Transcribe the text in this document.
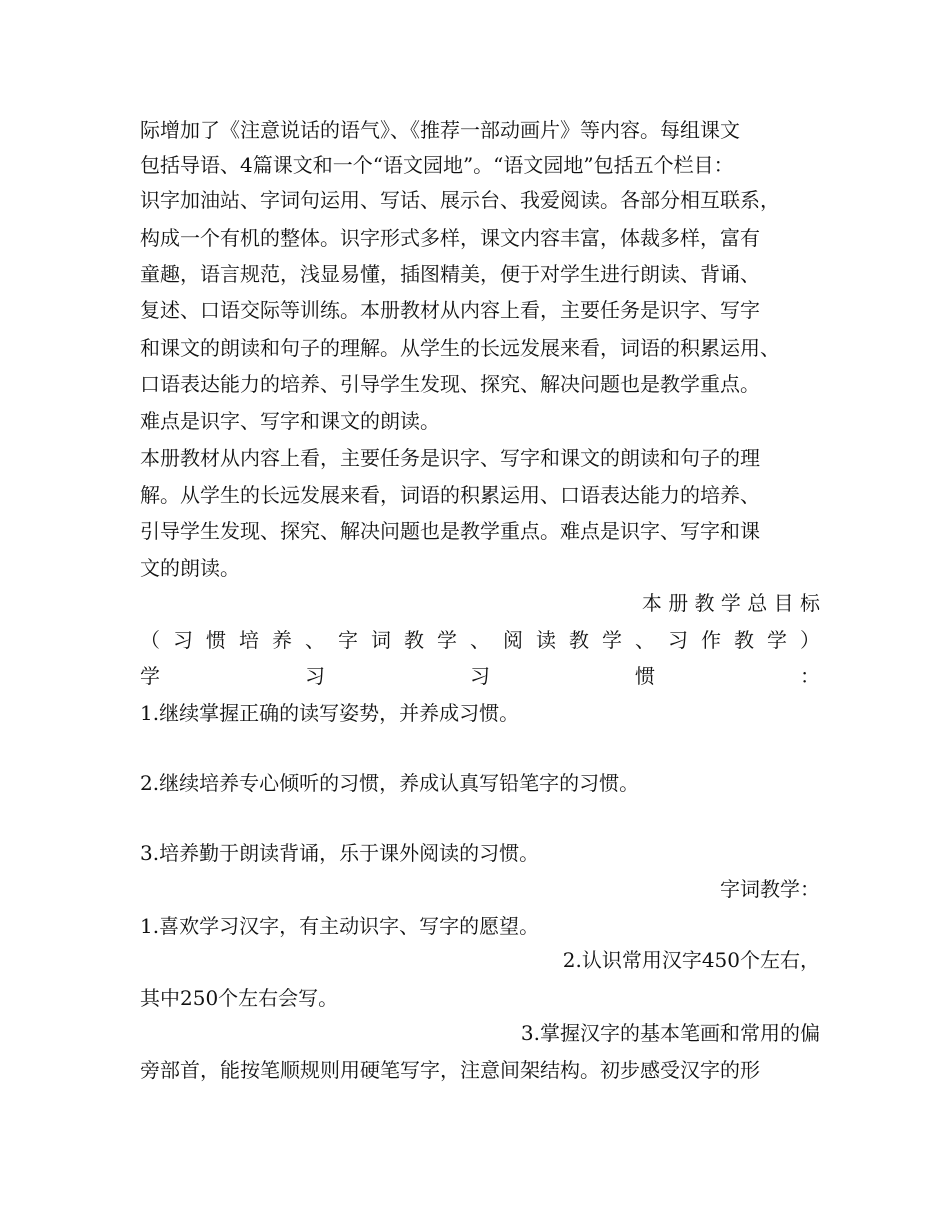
际增加了《注意说话的语气》、《推荐一部动画片》等内容。每组课文
包括导语、4篇课文和一个“语文园地”。“语文园地”包括五个栏目：
识字加油站、字词句运用、写话、展示台、我爱阅读。各部分相互联系，
构成一个有机的整体。识字形式多样，课文内容丰富，体裁多样，富有
童趣，语言规范，浅显易懂，插图精美，便于对学生进行朗读、背诵、
复述、口语交际等训练。本册教材从内容上看，主要任务是识字、写字
和课文的朗读和句子的理解。从学生的长远发展来看，词语的积累运用、
口语表达能力的培养、引导学生发现、探究、解决问题也是教学重点。
难点是识字、写字和课文的朗读。
本册教材从内容上看，主要任务是识字、写字和课文的朗读和句子的理
解。从学生的长远发展来看，词语的积累运用、口语表达能力的培养、
引导学生发现、探究、解决问题也是教学重点。难点是识字、写字和课
文的朗读。
本 册 教 学 总 目 标
（习惯培养、字词教学、阅读教学、习作教学）
学习习惯：
1.继续掌握正确的读写姿势，并养成习惯。
2.继续培养专心倾听的习惯，养成认真写铅笔字的习惯。
3.培养勤于朗读背诵，乐于课外阅读的习惯。
字词教学：
1.喜欢学习汉字，有主动识字、写字的愿望。
2.认识常用汉字450个左右，
其中250个左右会写。
3.掌握汉字的基本笔画和常用的偏
旁部首，能按笔顺规则用硬笔写字，注意间架结构。初步感受汉字的形
